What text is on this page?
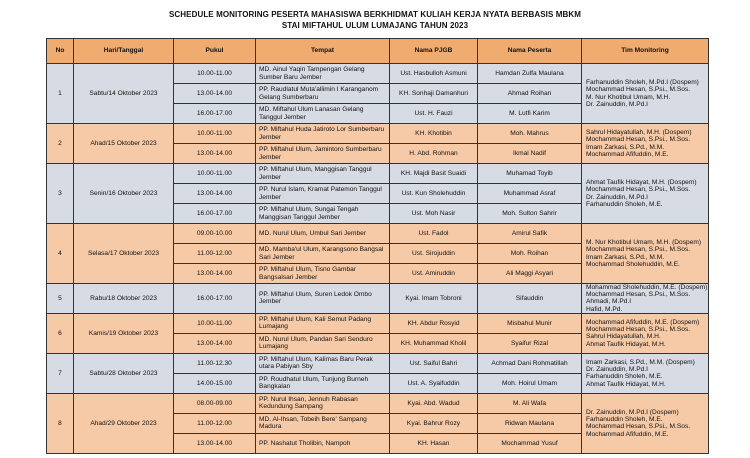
SCHEDULE MONITORING PESERTA MAHASISWA BERKHIDMAT KULIAH KERJA NYATA BERBASIS MBKM
STAI MIFTAHUL ULUM LUMAJANG TAHUN 2023
No	Hari/Tanggal	Pukul	Tempat	Nama PJGB	Nama Peserta	Tim Monitoring
1	Sabtu/14 Oktober 2023	10.00-11.00	MD. Ainul Yaqin Tampengan Gelang Sumber Baru Jember	Ust. Hasbulloh Asmuni	Hamdan Zulfa Maulana	Farhanuddin Sholeh, M.Pd.I (Dospem)
Mochammad Hesan, S.Psi., M.Sos.
M. Nur Khotibul Umam, M.H.
Dr. Zainuddin, M.Pd.I

		13.00-14.00	PP. Raudlatul Muta'allimin I Karanganom Gelang Sumberbaru	KH. Sonhaji Damanhuri	Ahmad Roihan	
		16.00-17.00	MD. Miftahul Ulum Lanasan Gelang Tanggul Jember	Ust. H. Fauzi	M. Lutfi Karim	
2	Ahad/15 Oktober 2023	10.00-11.00	PP. Miftahul Huda Jatiroto Lor Sumberbaru Jember	KH. Khotibin	Moh. Mahrus	Sahrul Hidayatullah, M.H. (Dospem)
Mochammad Hesan, S.Psi., M.Sos.
Imam Zarkasi, S.Pd., M.M.
Mochammad Afifuddin, M.E.

		13.00-14.00	PP. Miftahul Ulum, Jamintoro Sumberbaru Jember	H. Abd. Rohman	Ikmal Nadif	
3	Senin/16 Oktober 2023	10.00-11.00	PP. Miftahul Ulum, Manggisan Tanggul Jember	KH. Majdi Basit Suaidi	Muhamad Toyib	Ahmat Taufik Hidayat, M.H. (Dospem)
Mochammad Hesan, S.Psi., M.Sos.
Dr. Zainuddin, M.Pd.I
Farhanuddin Sholeh, M.E.

		13.00-14.00	PP. Nurul Islam, Kramat Patemon Tanggul Jember	Ust. Kun Sholehuddin	Muhammad Asraf	
		16.00-17.00	PP. Miftahul Ulum, Sungai Tengah Manggisan Tanggul Jember	Ust. Moh Nasir	Moh. Sulton Sahrir	
4	Selasa/17 Oktober 2023	09.00-10.00	MD. Nurul Ulum, Umbul Sari Jember	Ust. Fadol	Amirul Safik	M. Nur Khotibul Umam, M.H. (Dospem)
Mochammad Hesan, S.Psi., M.Sos.
Imam Zarkasi, S.Pd., M.M.
Mochammad Sholehuddin, M.E.

		11.00-12.00	MD. Mamba'ul Ulum, Karangsono Bangsal Sari Jember	Ust. Sirojuddin	Moh. Roihan	
		13.00-14.00	PP. Miftahul Ulum, Tisno Gambar Bangsalsari Jember	Ust. Amiruddin	Ali Maggi Asyari	
5	Rabu/18 Oktober 2023	16.00-17.00	PP. Miftahul Ulum, Suren Ledok Ombo Jember	Kyai. Imam Tobroni	Sifauddin	Mohammad Sholehuddin, M.E. (Dospem)
Mochammad Hesan, S.Psi., M.Sos.
Ahmadi, M.Pd.I
Hafid, M.Pd.

6	Kamis/19 Oktober 2023	10.00-11.00	PP. Miftahul Ulum, Kali Semut Padang Lumajang	KH. Abdur Rosyid	Misbahul Munir	Mochammad Afifuddin, M.E. (Dospem)
Mochammad Hesan, S.Psi., M.Sos.
Sahrul Hidayatullah, M.H.
Ahmat Taufik Hidayat, M.H.

		13.00-14.00	MD. Nurul Ulum, Pandan Sari Senduro Lumajang	KH. Muhammad Kholil	Syaifur Rizal	
7	Sabtu/28 Oktober 2023	11.00-12.30	PP. Miftahul Ulum, Kalimas Baru Perak utara Pabiyan Sby	Ust. Saiful Bahri	Achmad Dani Rohmatillah	Imam Zarkasi, S.Pd., M.M. (Dospem)
Dr. Zainuddin, M.Pd.I
Farhanuddin Sholeh, M.E.
Ahmat Taufik Hidayat, M.H.

		14.00-15.00	PP. Roudhatul Ulum, Tunjung Burneh Bangkalan	Ust. A. Syaifuddin	Moh. Hoirul Umam	
8	Ahad/29 Oktober 2023	08.00-09.00	PP. Nurul Ihsan, Jennuh Rabasan Kedundung Sampang	Kyai. Abd. Wadud	M. Ali Wafa	Dr. Zainuddin, M.Pd.I (Dospem)
Farhanuddin Sholeh, M.E.
Mochammad Hesan, S.Psi., M.Sos.
Mochammad Afifuddin, M.E.

		11.00-12.00	MD. Al-Ihsan, Tobeih Bere' Sampang Madura	Kyai. Bahrur Rozy	Ridwan Maulana	
		13.00-14.00	PP. Nashatut Tholibin, Nampoh	KH. Hasan	Mochammad Yusuf	
